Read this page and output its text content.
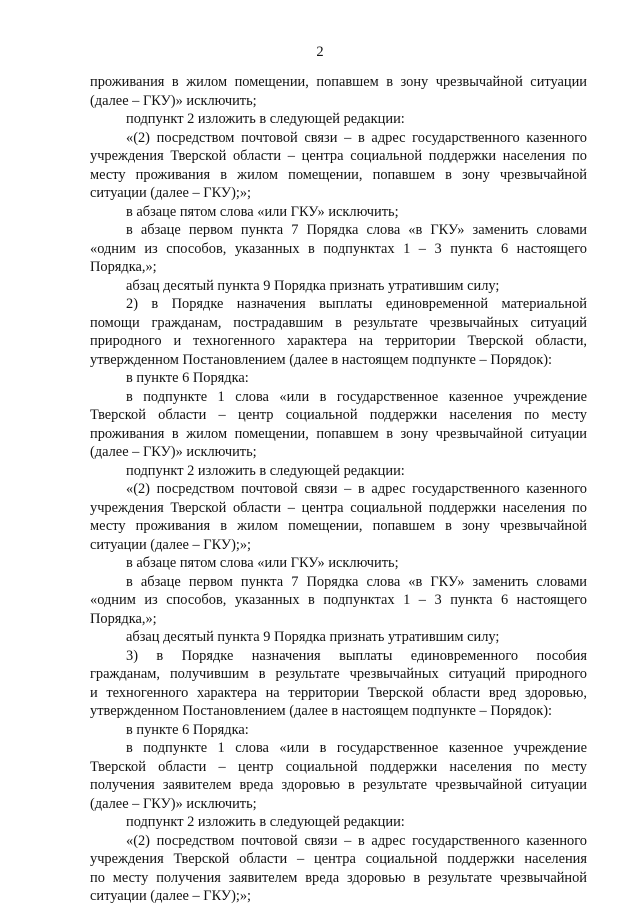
2
проживания в жилом помещении, попавшем в зону чрезвычайной ситуации
(далее – ГКУ)» исключить;
подпункт 2 изложить в следующей редакции:
«(2) посредством почтовой связи – в адрес государственного казенного
учреждения Тверской области – центра социальной поддержки населения по
месту проживания в жилом помещении, попавшем в зону чрезвычайной
ситуации (далее – ГКУ);»;
в абзаце пятом слова «или ГКУ» исключить;
в абзаце первом пункта 7 Порядка слова «в ГКУ» заменить словами
«одним из способов, указанных в подпунктах 1 – 3 пункта 6 настоящего
Порядка,»;
абзац десятый пункта 9 Порядка признать утратившим силу;
2) в Порядке назначения выплаты единовременной материальной
помощи гражданам, пострадавшим в результате чрезвычайных ситуаций
природного и техногенного характера на территории Тверской области,
утвержденном Постановлением (далее в настоящем подпункте – Порядок):
в пункте 6 Порядка:
в подпункте 1 слова «или в государственное казенное учреждение
Тверской области – центр социальной поддержки населения по месту
проживания в жилом помещении, попавшем в зону чрезвычайной ситуации
(далее – ГКУ)» исключить;
подпункт 2 изложить в следующей редакции:
«(2) посредством почтовой связи – в адрес государственного казенного
учреждения Тверской области – центра социальной поддержки населения по
месту проживания в жилом помещении, попавшем в зону чрезвычайной
ситуации (далее – ГКУ);»;
в абзаце пятом слова «или ГКУ» исключить;
в абзаце первом пункта 7 Порядка слова «в ГКУ» заменить словами
«одним из способов, указанных в подпунктах 1 – 3 пункта 6 настоящего
Порядка,»;
абзац десятый пункта 9 Порядка признать утратившим силу;
3) в Порядке назначения выплаты единовременного пособия
гражданам, получившим в результате чрезвычайных ситуаций природного
и техногенного характера на территории Тверской области вред здоровью,
утвержденном Постановлением (далее в настоящем подпункте – Порядок):
в пункте 6 Порядка:
в подпункте 1 слова «или в государственное казенное учреждение
Тверской области – центр социальной поддержки населения по месту
получения заявителем вреда здоровью в результате чрезвычайной ситуации
(далее – ГКУ)» исключить;
подпункт 2 изложить в следующей редакции:
«(2) посредством почтовой связи – в адрес государственного казенного
учреждения Тверской области – центра социальной поддержки населения
по месту получения заявителем вреда здоровью в результате чрезвычайной
ситуации (далее – ГКУ);»;
